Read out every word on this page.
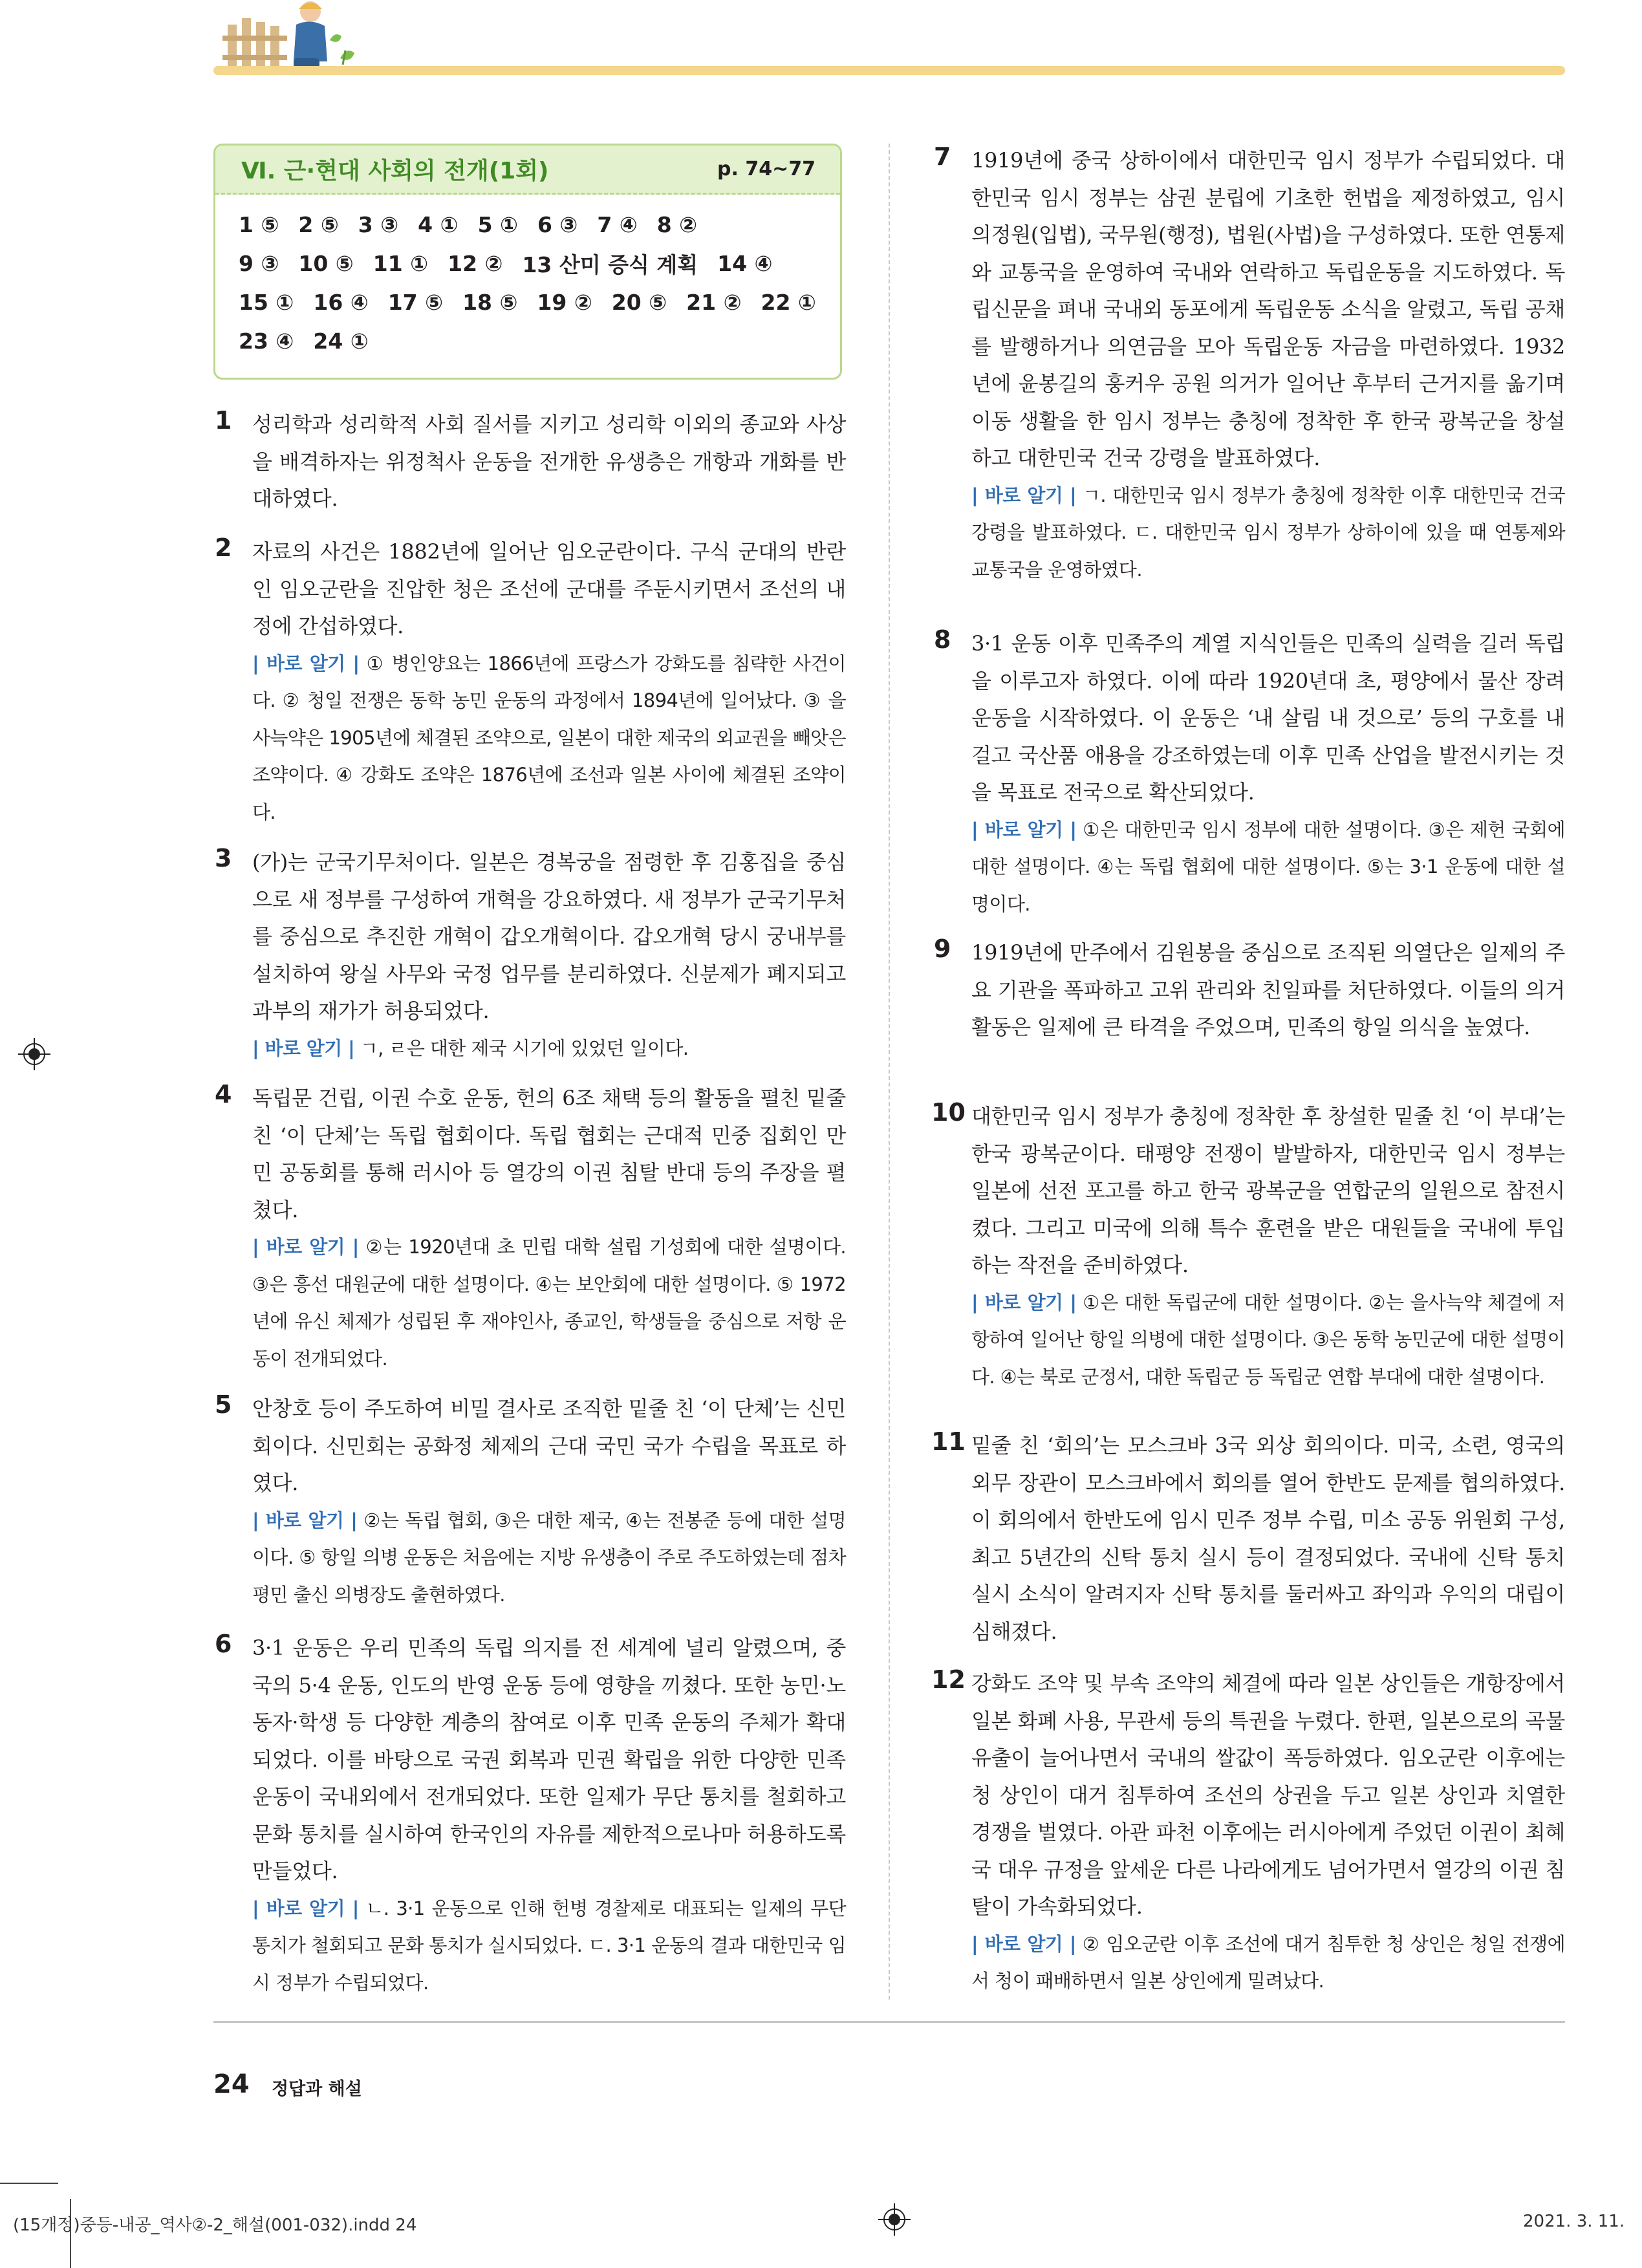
Ⅵ. 근·현대 사회의 전개(1회)	p. 74~77
1 ⑤ 2 ⑤ 3 ③ 4 ① 5 ① 6 ③ 7 ④ 8 ②
9 ③ 10 ⑤ 11 ① 12 ② 13 산미 증식 계획 14 ④
15 ① 16 ④ 17 ⑤ 18 ⑤ 19 ② 20 ⑤ 21 ② 22 ①
23 ④ 24 ①
1 성리학과 성리학적 사회 질서를 지키고 성리학 이외의 종교와 사상을 배격하자는 위정척사 운동을 전개한 유생층은 개항과 개화를 반대하였다.
2 자료의 사건은 1882년에 일어난 임오군란이다. 구식 군대의 반란인 임오군란을 진압한 청은 조선에 군대를 주둔시키면서 조선의 내정에 간섭하였다.
| 바로 알기 | ① 병인양요는 1866년에 프랑스가 강화도를 침략한 사건이다. ② 청일 전쟁은 동학 농민 운동의 과정에서 1894년에 일어났다. ③ 을사늑약은 1905년에 체결된 조약으로, 일본이 대한 제국의 외교권을 빼앗은 조약이다. ④ 강화도 조약은 1876년에 조선과 일본 사이에 체결된 조약이다.
3 (가)는 군국기무처이다. 일본은 경복궁을 점령한 후 김홍집을 중심으로 새 정부를 구성하여 개혁을 강요하였다. 새 정부가 군국기무처를 중심으로 추진한 개혁이 갑오개혁이다. 갑오개혁 당시 궁내부를 설치하여 왕실 사무와 국정 업무를 분리하였다. 신분제가 폐지되고 과부의 재가가 허용되었다.
| 바로 알기 | ㄱ, ㄹ은 대한 제국 시기에 있었던 일이다.
4 독립문 건립, 이권 수호 운동, 헌의 6조 채택 등의 활동을 펼친 밑줄 친 ‘이 단체’는 독립 협회이다. 독립 협회는 근대적 민중 집회인 만민 공동회를 통해 러시아 등 열강의 이권 침탈 반대 등의 주장을 펼쳤다.
| 바로 알기 | ②는 1920년대 초 민립 대학 설립 기성회에 대한 설명이다. ③은 흥선 대원군에 대한 설명이다. ④는 보안회에 대한 설명이다. ⑤ 1972년에 유신 체제가 성립된 후 재야인사, 종교인, 학생들을 중심으로 저항 운동이 전개되었다.
5 안창호 등이 주도하여 비밀 결사로 조직한 밑줄 친 ‘이 단체’는 신민회이다. 신민회는 공화정 체제의 근대 국민 국가 수립을 목표로 하였다.
| 바로 알기 | ②는 독립 협회, ③은 대한 제국, ④는 전봉준 등에 대한 설명이다. ⑤ 항일 의병 운동은 처음에는 지방 유생층이 주로 주도하였는데 점차 평민 출신 의병장도 출현하였다.
6 3·1 운동은 우리 민족의 독립 의지를 전 세계에 널리 알렸으며, 중국의 5·4 운동, 인도의 반영 운동 등에 영향을 끼쳤다. 또한 농민·노동자·학생 등 다양한 계층의 참여로 이후 민족 운동의 주체가 확대되었다. 이를 바탕으로 국권 회복과 민권 확립을 위한 다양한 민족 운동이 국내외에서 전개되었다. 또한 일제가 무단 통치를 철회하고 문화 통치를 실시하여 한국인의 자유를 제한적으로나마 허용하도록 만들었다.
| 바로 알기 | ㄴ. 3·1 운동으로 인해 헌병 경찰제로 대표되는 일제의 무단 통치가 철회되고 문화 통치가 실시되었다. ㄷ. 3·1 운동의 결과 대한민국 임시 정부가 수립되었다.
7 1919년에 중국 상하이에서 대한민국 임시 정부가 수립되었다. 대한민국 임시 정부는 삼권 분립에 기초한 헌법을 제정하였고, 임시 의정원(입법), 국무원(행정), 법원(사법)을 구성하였다. 또한 연통제와 교통국을 운영하여 국내와 연락하고 독립운동을 지도하였다. 독립신문을 펴내 국내외 동포에게 독립운동 소식을 알렸고, 독립 공채를 발행하거나 의연금을 모아 독립운동 자금을 마련하였다. 1932년에 윤봉길의 훙커우 공원 의거가 일어난 후부터 근거지를 옮기며 이동 생활을 한 임시 정부는 충칭에 정착한 후 한국 광복군을 창설하고 대한민국 건국 강령을 발표하였다.
| 바로 알기 | ㄱ. 대한민국 임시 정부가 충칭에 정착한 이후 대한민국 건국 강령을 발표하였다. ㄷ. 대한민국 임시 정부가 상하이에 있을 때 연통제와 교통국을 운영하였다.
8 3·1 운동 이후 민족주의 계열 지식인들은 민족의 실력을 길러 독립을 이루고자 하였다. 이에 따라 1920년대 초, 평양에서 물산 장려 운동을 시작하였다. 이 운동은 ‘내 살림 내 것으로’ 등의 구호를 내걸고 국산품 애용을 강조하였는데 이후 민족 산업을 발전시키는 것을 목표로 전국으로 확산되었다.
| 바로 알기 | ①은 대한민국 임시 정부에 대한 설명이다. ③은 제헌 국회에 대한 설명이다. ④는 독립 협회에 대한 설명이다. ⑤는 3·1 운동에 대한 설명이다.
9 1919년에 만주에서 김원봉을 중심으로 조직된 의열단은 일제의 주요 기관을 폭파하고 고위 관리와 친일파를 처단하였다. 이들의 의거 활동은 일제에 큰 타격을 주었으며, 민족의 항일 의식을 높였다.
10 대한민국 임시 정부가 충칭에 정착한 후 창설한 밑줄 친 ‘이 부대’는 한국 광복군이다. 태평양 전쟁이 발발하자, 대한민국 임시 정부는 일본에 선전 포고를 하고 한국 광복군을 연합군의 일원으로 참전시켰다. 그리고 미국에 의해 특수 훈련을 받은 대원들을 국내에 투입하는 작전을 준비하였다.
| 바로 알기 | ①은 대한 독립군에 대한 설명이다. ②는 을사늑약 체결에 저항하여 일어난 항일 의병에 대한 설명이다. ③은 동학 농민군에 대한 설명이다. ④는 북로 군정서, 대한 독립군 등 독립군 연합 부대에 대한 설명이다.
11 밑줄 친 ‘회의’는 모스크바 3국 외상 회의이다. 미국, 소련, 영국의 외무 장관이 모스크바에서 회의를 열어 한반도 문제를 협의하였다. 이 회의에서 한반도에 임시 민주 정부 수립, 미소 공동 위원회 구성, 최고 5년간의 신탁 통치 실시 등이 결정되었다. 국내에 신탁 통치 실시 소식이 알려지자 신탁 통치를 둘러싸고 좌익과 우익의 대립이 심해졌다.
12 강화도 조약 및 부속 조약의 체결에 따라 일본 상인들은 개항장에서 일본 화폐 사용, 무관세 등의 특권을 누렸다. 한편, 일본으로의 곡물 유출이 늘어나면서 국내의 쌀값이 폭등하였다. 임오군란 이후에는 청 상인이 대거 침투하여 조선의 상권을 두고 일본 상인과 치열한 경쟁을 벌였다. 아관 파천 이후에는 러시아에게 주었던 이권이 최혜국 대우 규정을 앞세운 다른 나라에게도 넘어가면서 열강의 이권 침탈이 가속화되었다.
| 바로 알기 | ② 임오군란 이후 조선에 대거 침투한 청 상인은 청일 전쟁에서 청이 패배하면서 일본 상인에게 밀려났다.
24 정답과 해설
(15개정)중등-내공_역사②-2_해설(001-032).indd 24	2021. 3. 11.
